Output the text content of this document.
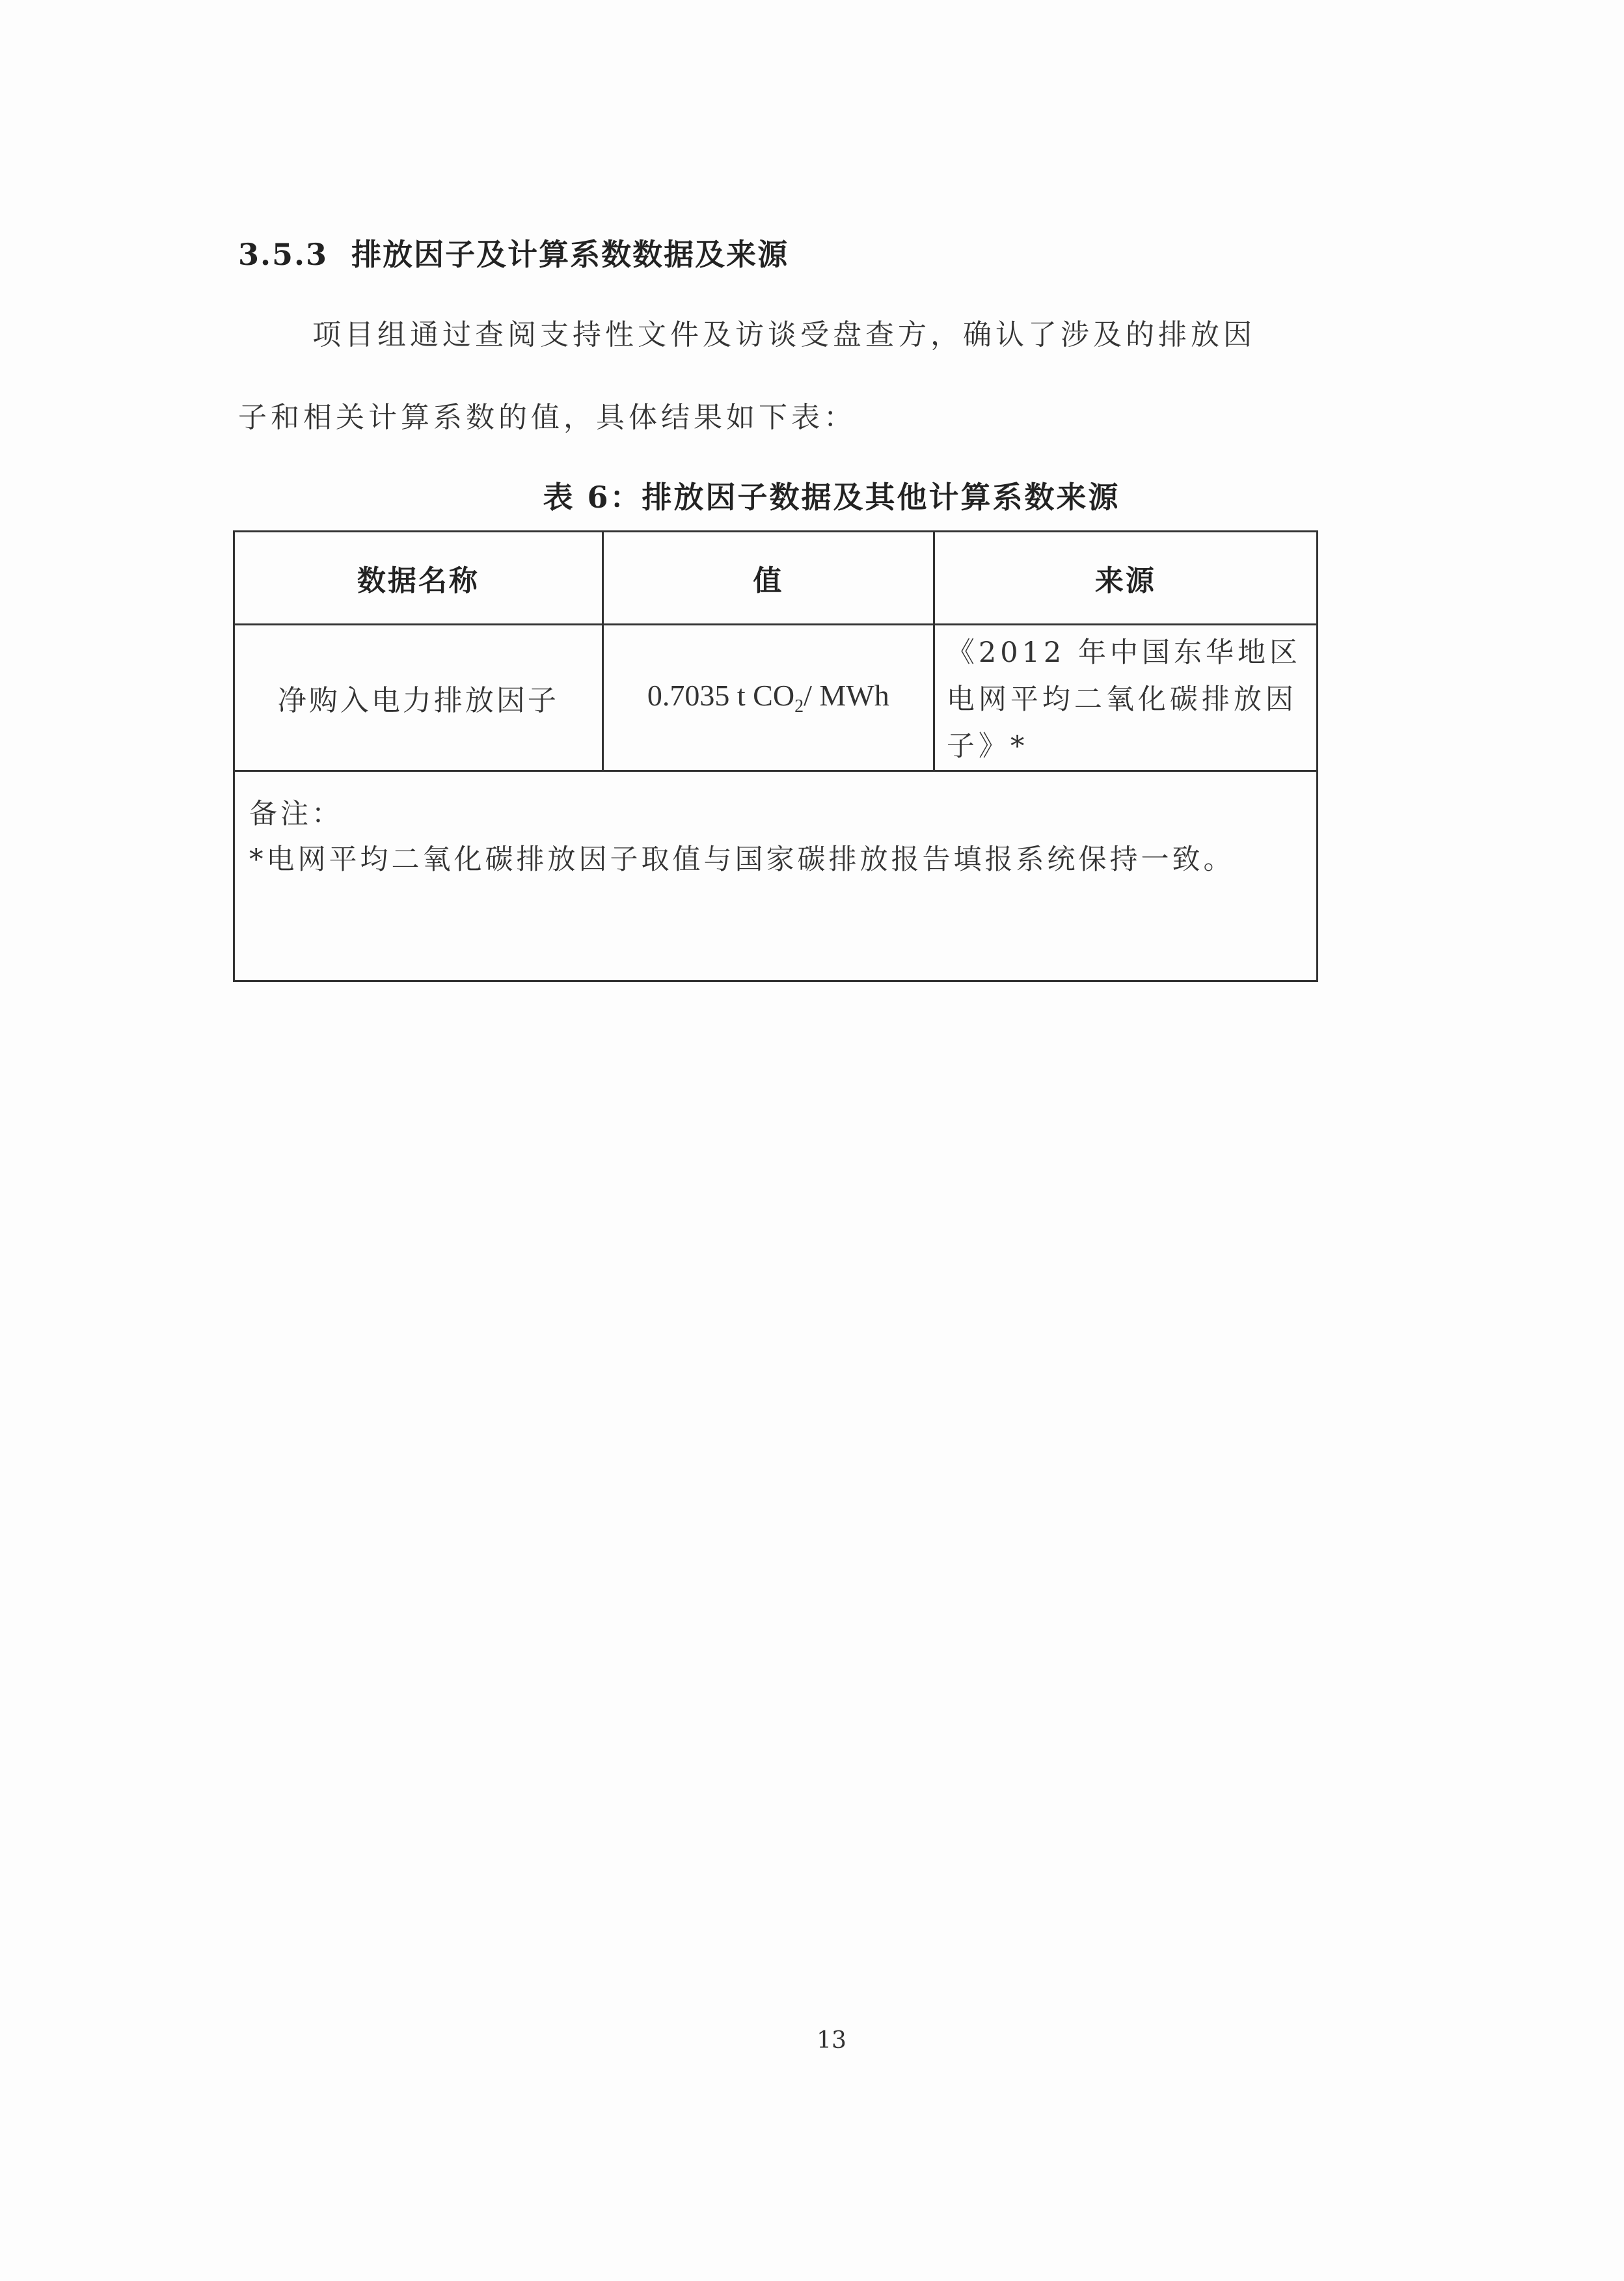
3.5.3 排放因子及计算系数数据及来源
项目组通过查阅支持性文件及访谈受盘查方，确认了涉及的排放因
子和相关计算系数的值，具体结果如下表：
表 6：排放因子数据及其他计算系数来源
数据名称	值	来源
净购入电力排放因子	0.7035 t $CO_2/$ MWh	《2012 年中国东华地区电网平均二氧化碳排放因子》*

备注：
*电网平均二氧化碳排放因子取值与国家碳排放报告填报系统保持一致。		
13
